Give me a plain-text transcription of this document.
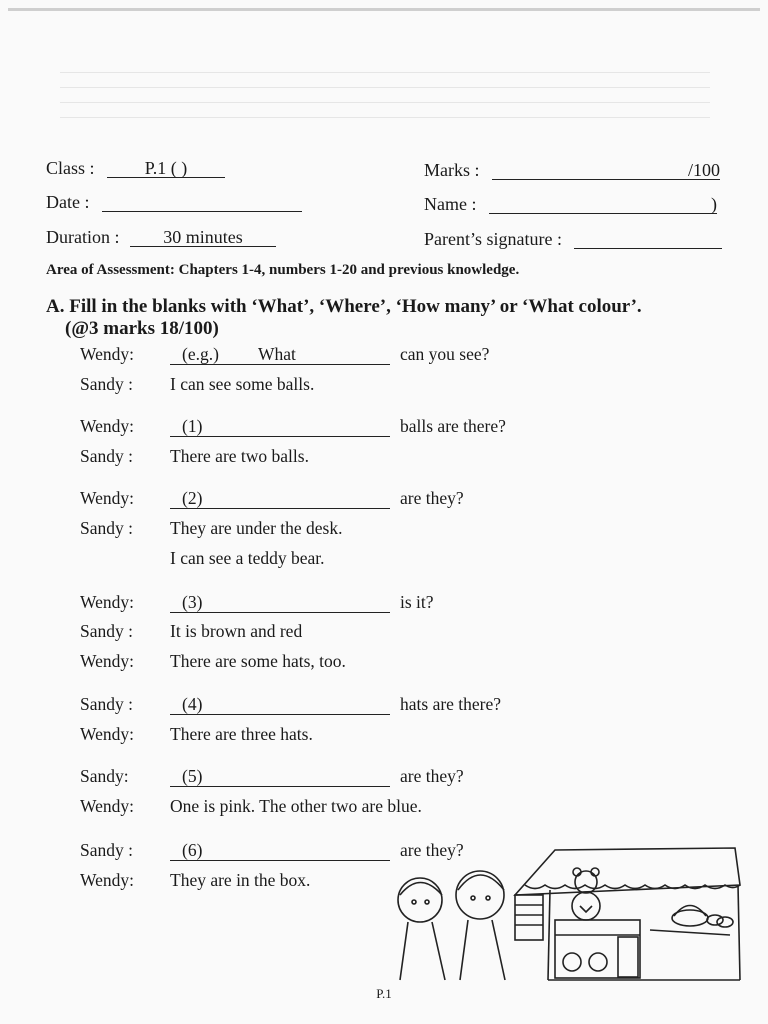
Class :	P.1 ( )	Marks :	/100
Date :	Name :	)
Duration : 30 minutes	Parent’s signature :
Area of Assessment: Chapters 1-4, numbers 1-20 and previous knowledge.
A. Fill in the blanks with ‘What’, ‘Where’, ‘How many’ or ‘What colour’.
(@3 marks 18/100)
Wendy:	(e.g.) What	can you see?
Sandy : I can see some balls.
Wendy:	(1)	balls are there?
Sandy : There are two balls.
Wendy:	(2)	are they?
Sandy : They are under the desk.
I can see a teddy bear.
Wendy:	(3)	is it?
Sandy : It is brown and red
Wendy: There are some hats, too.
Sandy :	(4)	hats are there?
Wendy: There are three hats.
Sandy:	(5)	are they?
Wendy: One is pink. The other two are blue.
Sandy :	(6)	are they?
Wendy: They are in the box.
P.1
